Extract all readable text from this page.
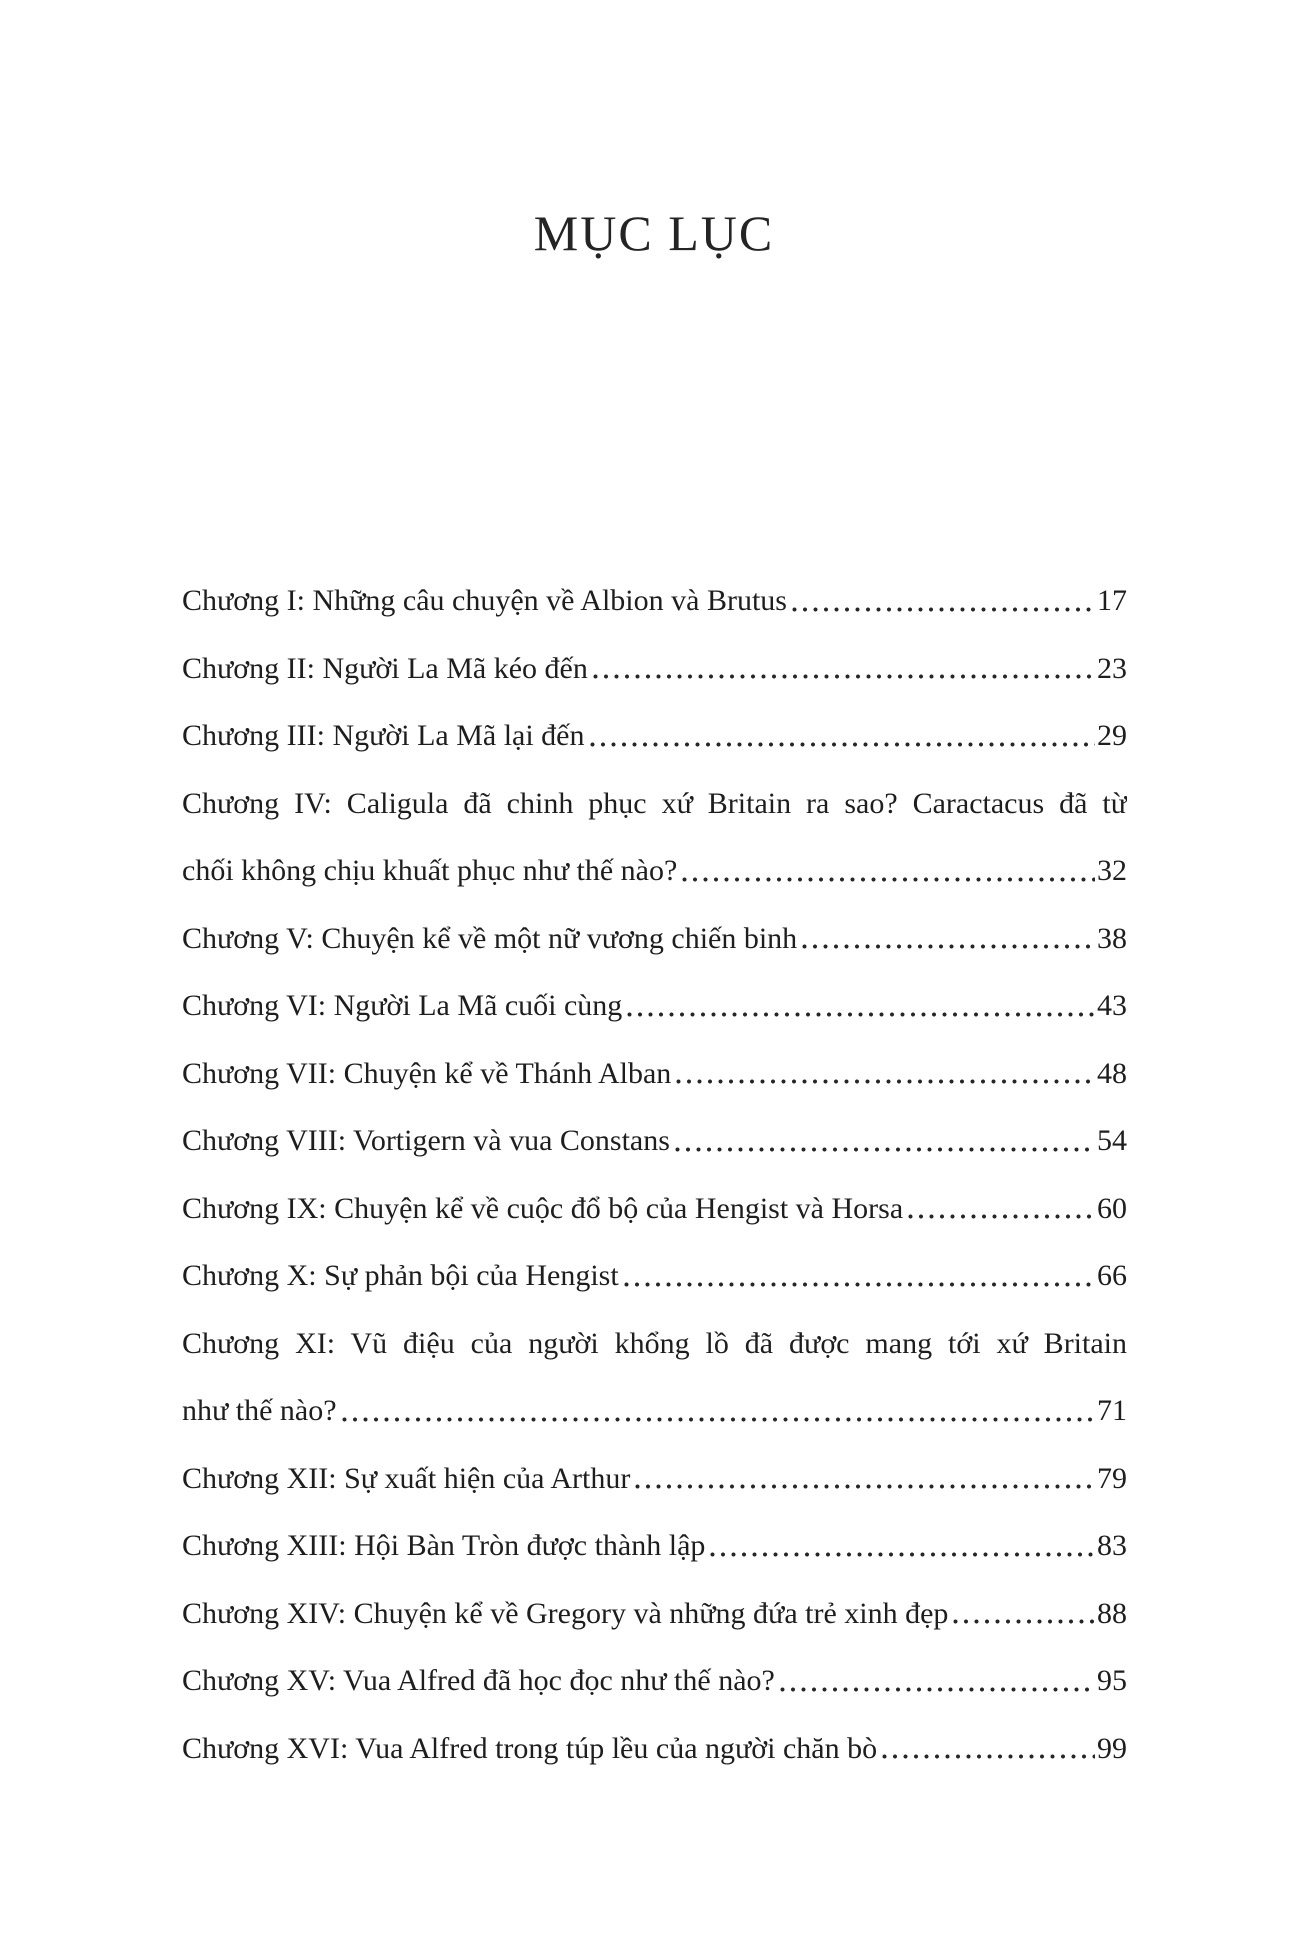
MỤC LỤC
Chương I: Những câu chuyện về Albion và Brutus	17
Chương II: Người La Mã kéo đến	23
Chương III: Người La Mã lại đến	29
Chương IV: Caligula đã chinh phục xứ Britain ra sao? Caractacus đã từ
chối không chịu khuất phục như thế nào?	32
Chương V: Chuyện kể về một nữ vương chiến binh	38
Chương VI: Người La Mã cuối cùng	43
Chương VII: Chuyện kể về Thánh Alban	48
Chương VIII: Vortigern và vua Constans	54
Chương IX: Chuyện kể về cuộc đổ bộ của Hengist và Horsa	60
Chương X: Sự phản bội của Hengist	66
Chương XI: Vũ điệu của người khổng lồ đã được mang tới xứ Britain
như thế nào?	71
Chương XII: Sự xuất hiện của Arthur	79
Chương XIII: Hội Bàn Tròn được thành lập	83
Chương XIV: Chuyện kể về Gregory và những đứa trẻ xinh đẹp	88
Chương XV: Vua Alfred đã học đọc như thế nào?	95
Chương XVI: Vua Alfred trong túp lều của người chăn bò	99
